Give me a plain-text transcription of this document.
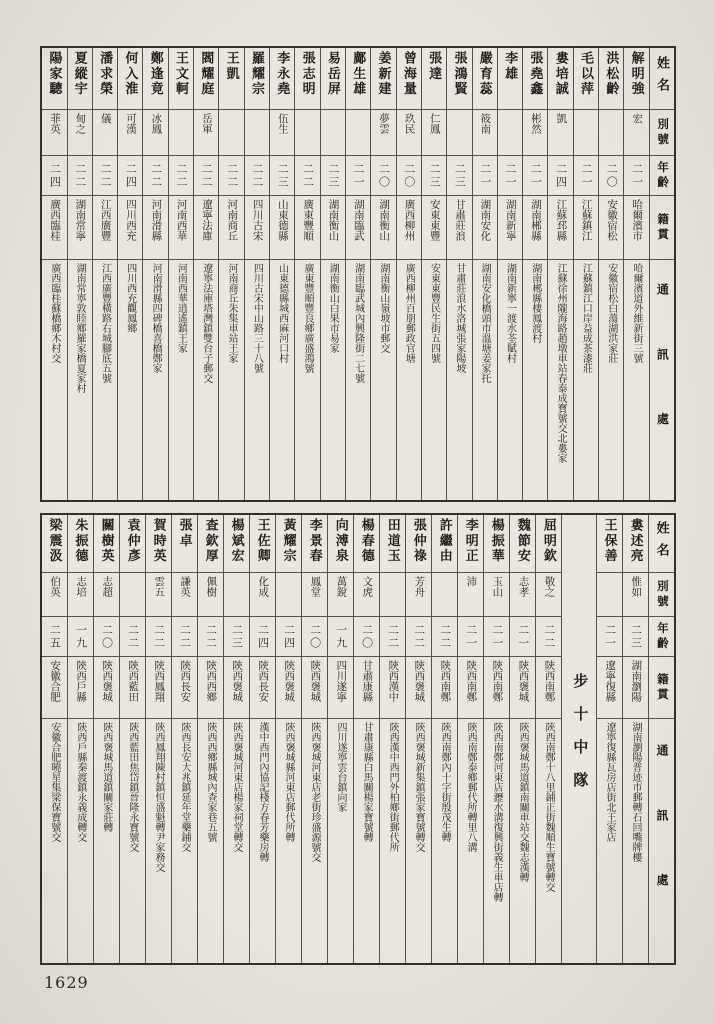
姓名
別號
年齡
籍貫
通訊處
解明強
宏
二一
哈爾濱市
哈爾濱道外維新街三號
洪松齡
二〇
安徽宿松
安徽宿松白蕩湖洪家莊
毛以萍
二一
江蘇鎮江
江蘇鎮江口岸益成茶漆莊
婁培誠
凱
二四
江蘇邳縣
江蘇徐州隴海路趙墩車站春泰成寶號交北婁家
張堯鑫
彬然
二一
湖南郴縣
湖南郴縣棲鳳渡村
李雄
二一
湖南新寧
湖南新寧一渡水荃賦村
嚴育蕊
筱南
二一
湖南安化
湖南安化橋頭市溫塘姜家托
張鴻賢
二三
甘肅莊浪
甘肅莊浪水洛城張家陽坡
張達
仁鳳
二三
安東東豐
安東東豐民生街五四號
曾海量
玖民
二〇
廣西柳州
廣西柳州百朋郵政官塘
姜新建
夢雲
二〇
湖南衡山
湖南衡山嶺坡市郵交
鄺生雄
二一
湖南臨武
湖南臨武城內興隆街二七號
易岳屏
二三
湖南衡山
湖南衡山白果市易家
張志明
二二
廣東豐順
廣東豐順豐良鄉廣盛鴻號
李永堯
伍生
二三
山東德縣
山東德縣城西麻河口村
羅耀宗
二二
四川古宋
四川古宋中山路三十八號
王凱
二二
河南商丘
河南商丘朱集車站王家
閻耀庭
岳軍
二二
遼寧法庫
遼寧法庫塔灣鎮雙台子郵交
王文軻
二二
河南西華
河南西華逍遙鎮王家
鄭逢竟
冰鳳
二二
河南滑縣
河南滑縣四碑橋喜橋鄭家
何入淮
可漢
二四
四川西充
四川西充觀鳳鄉
潘求榮
儀
二二
江西廣豐
江西廣豐橫路右城腳底五號
夏縱宇
甸之
二二
湖南常寧
湖南常寧敦睦鄉羅家橋夏家村
陽家驄
菲英
二四
廣西臨桂
廣西臨桂蘇橋鄉木村交
姓名
別號
年齡
籍貫
通訊處
婁述亮
惟如
二三
湖南瀏陽
湖南瀏陽普迹市郵轉石回嘴牌樓
王保善
二一
遼寧復縣
遼寧復縣瓦房店街北王家店
步十中隊
屈明欽
敬之
二二
陝西南鄭
陝西南鄭十八里鋪正街魏順生寶號轉交
魏節安
志孝
二一
陝西褒城
陝西褒城馬道鎮南關車站交魏志漢轉
楊振華
玉山
二一
陝西南鄭
陝西南鄭河東店瀝水溝復興街義生車店轉
李明正
沛
二一
陝西南鄭
陝西南鄭泰鄉郵代所轉里八溝
許繼由
二二
陝西南鄭
陝西南鄭內十字街殷茂生轉
張仲祿
芳舟
二二
陝西褒城
陝西褒城新集鎮張家寶號轉交
田道玉
二二
陝西漢中
陝西漢中西門外柏鄉街郵代所
楊春德
文虎
二〇
甘肅康縣
甘肅康縣白馬關楊家寶號轉
向溥泉
萬銳
一九
四川遂寧
四川遂寧雲台鎮向家
李景春
鳳堂
二〇
陝西褒城
陝西褒城河東店老街珍盛源號交
黃耀宗
二四
陝西褒城
陝西褒城縣河東店郵代所轉
王佐卿
化成
二四
陝西長安
漢中西門內協記棧方春芳藥房轉
楊斌宏
二三
陝西褒城
陝西褒城河東店楊家祠堂轉交
查欽厚
佩樹
二二
陝西西鄉
陝西西鄉縣城內查家巷五號
張卓
謙英
二二
陝西長安
陝西長安大兆鎮延年堂藥鋪交
賀時英
雲五
二二
陝西鳳翔
陝西鳳翔陳村鎮恒盛魁轉尹家務交
袁仲彥
二二
陝西藍田
陝西藍田焦岱鎮晉隆永寶號交
關樹英
志超
二〇
陝西褒城
陝西褒城馬道鎮關家莊轉
朱振德
志培
一九
陝西戶縣
陝西戶縣秦渡鎮永義成轉交
梁震汲
伯英
二五
安徽合肥
安徽合肥曉星集梁保寶號交
1629
